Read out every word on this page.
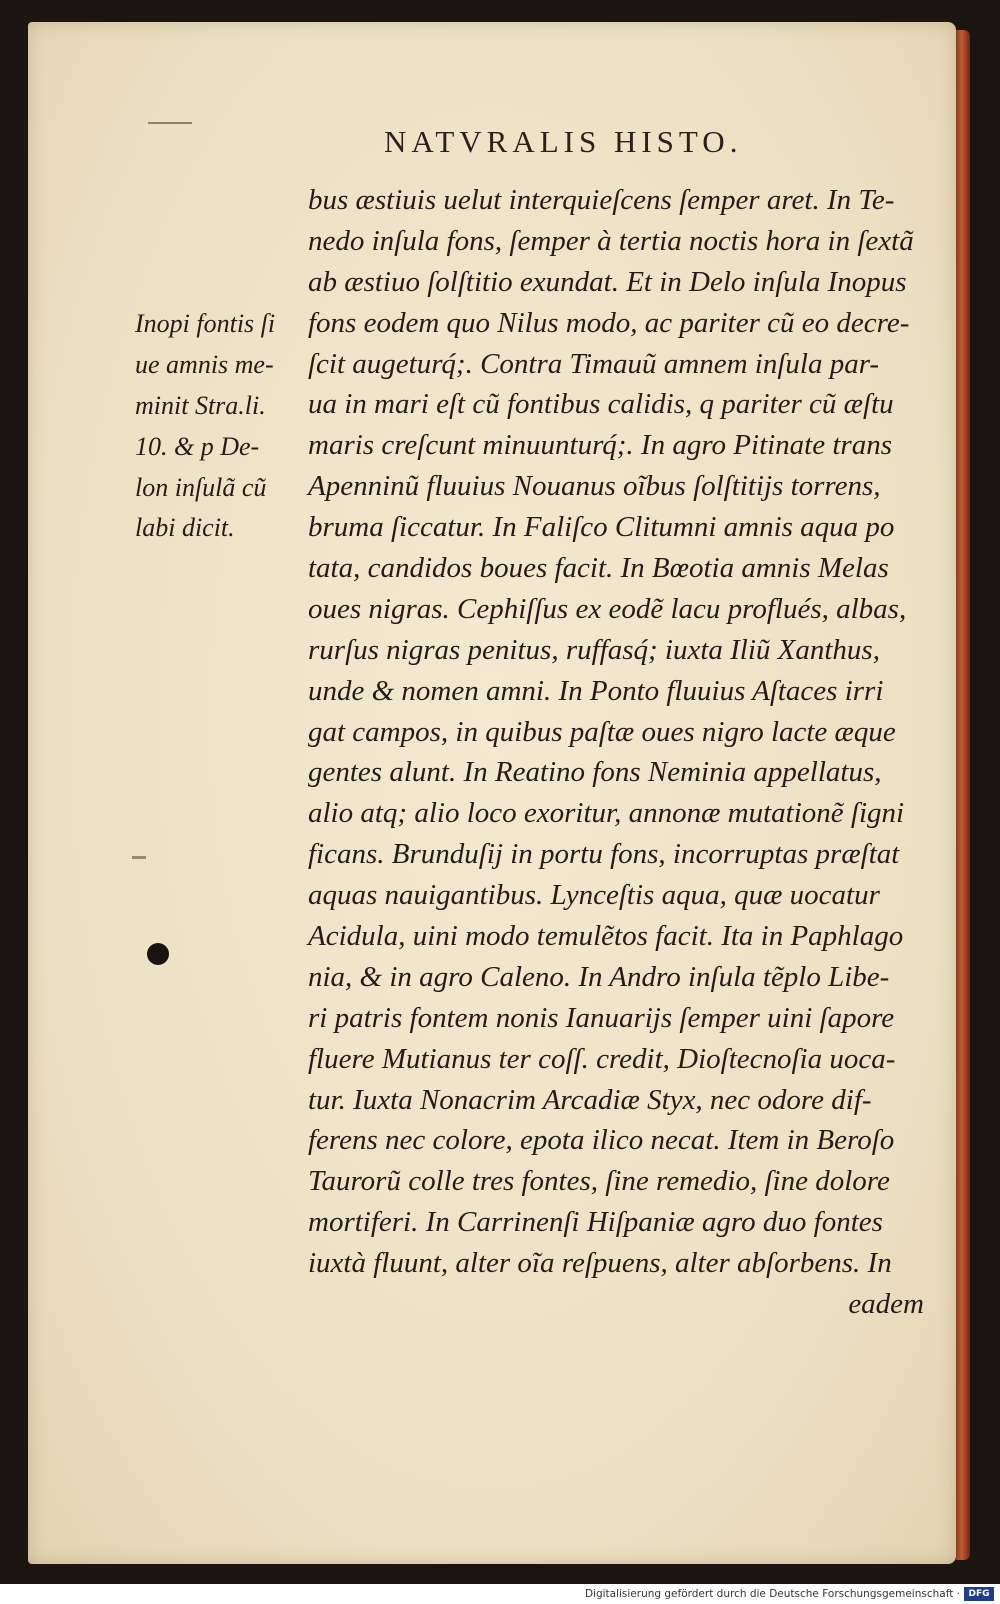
NATVRALIS HISTO.
Inopi fontis ſi
ue amnis me-
minit Stra.li.
10. & p De-
lon inſulã cũ
labi dicit.
bus æstiuis uelut interquieſcens ſemper aret. In Te-
nedo inſula fons, ſemper à tertia noctis hora in ſextã
ab æstiuo ſolſtitio exundat. Et in Delo inſula Inopus
fons eodem quo Nilus modo, ac pariter cũ eo decre-
ſcit augeturq́;. Contra Timauũ amnem inſula par-
ua in mari eſt cũ fontibus calidis, q pariter cũ æſtu
maris creſcunt minuunturq́;. In agro Pitinate trans
Apenninũ fluuius Nouanus oĩbus ſolſtitijs torrens,
bruma ſiccatur. In Faliſco Clitumni amnis aqua po
tata, candidos boues facit. In Bœotia amnis Melas
oues nigras. Cephiſſus ex eodẽ lacu proflués, albas,
rurſus nigras penitus, ruffasq́; iuxta Iliũ Xanthus,
unde & nomen amni. In Ponto fluuius Aſtaces irri
gat campos, in quibus paſtæ oues nigro lacte æque
gentes alunt. In Reatino fons Neminia appellatus,
alio atq; alio loco exoritur, annonæ mutationẽ ſigni
ficans. Brunduſij in portu fons, incorruptas præſtat
aquas nauigantibus. Lynceſtis aqua, quæ uocatur
Acidula, uini modo temulẽtos facit. Ita in Paphlago
nia, & in agro Caleno. In Andro inſula tẽplo Libe-
ri patris fontem nonis Ianuarijs ſemper uini ſapore
fluere Mutianus ter coſſ. credit, Dioſtecnoſia uoca-
tur. Iuxta Nonacrim Arcadiæ Styx, nec odore dif-
ferens nec colore, epota ilico necat. Item in Beroſo
Taurorũ colle tres fontes, ſine remedio, ſine dolore
mortiferi. In Carrinenſi Hiſpaniæ agro duo fontes
iuxtà fluunt, alter oĩa reſpuens, alter abſorbens. In
eadem
Digitalisierung gefördert durch die Deutsche Forschungsgemeinschaft · DFG
